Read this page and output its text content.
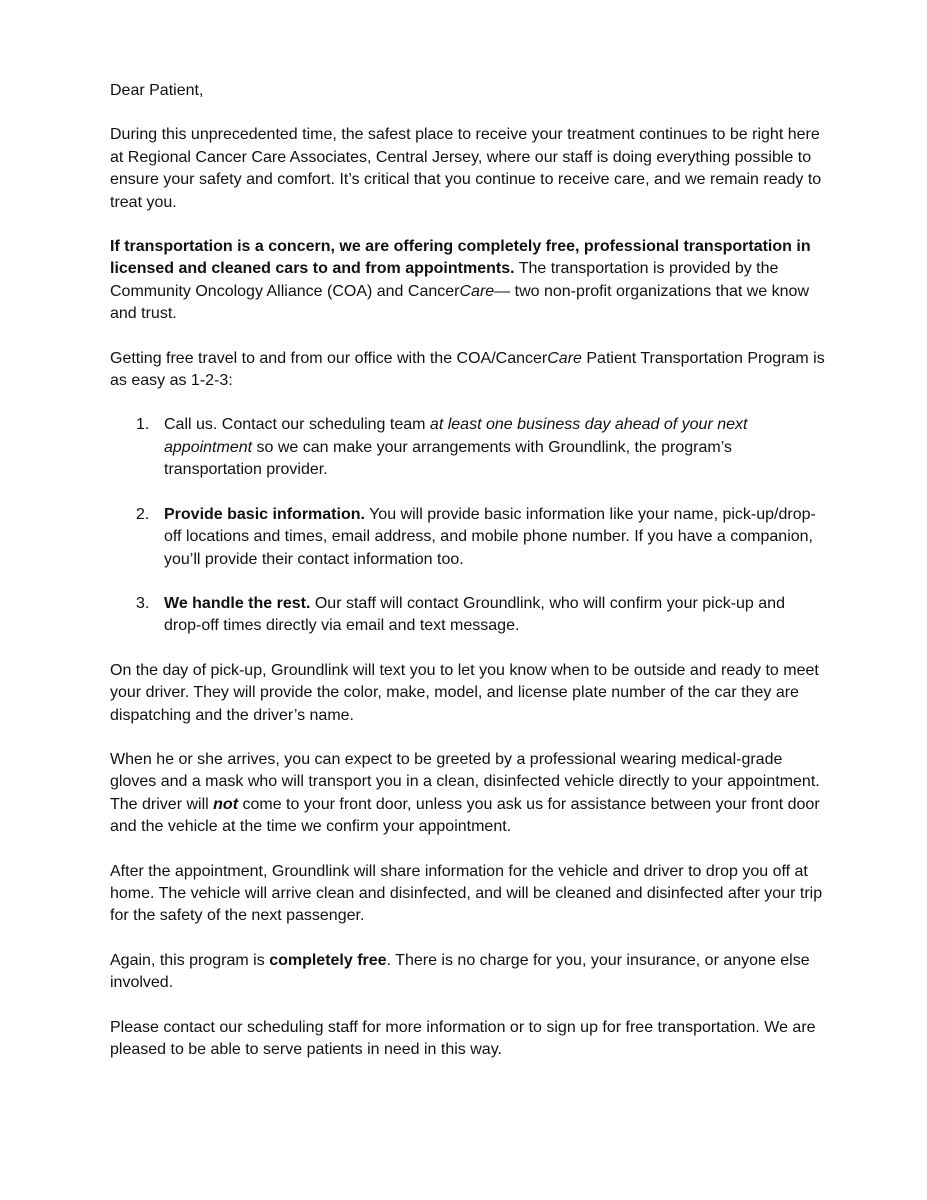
Dear Patient,

During this unprecedented time, the safest place to receive your treatment continues to be right here at Regional Cancer Care Associates, Central Jersey, where our staff is doing everything possible to ensure your safety and comfort. It’s critical that you continue to receive care, and we remain ready to treat you.

If transportation is a concern, we are offering completely free, professional transportation in licensed and cleaned cars to and from appointments. The transportation is provided by the Community Oncology Alliance (COA) and CancerCare— two non-profit organizations that we know and trust.

Getting free travel to and from our office with the COA/CancerCare Patient Transportation Program is as easy as 1-2-3:

1. Call us. Contact our scheduling team at least one business day ahead of your next appointment so we can make your arrangements with Groundlink, the program’s transportation provider.
2. Provide basic information. You will provide basic information like your name, pick-up/drop-off locations and times, email address, and mobile phone number. If you have a companion, you’ll provide their contact information too.
3. We handle the rest. Our staff will contact Groundlink, who will confirm your pick-up and drop-off times directly via email and text message.

On the day of pick-up, Groundlink will text you to let you know when to be outside and ready to meet your driver. They will provide the color, make, model, and license plate number of the car they are dispatching and the driver’s name.

When he or she arrives, you can expect to be greeted by a professional wearing medical-grade gloves and a mask who will transport you in a clean, disinfected vehicle directly to your appointment. The driver will not come to your front door, unless you ask us for assistance between your front door and the vehicle at the time we confirm your appointment.

After the appointment, Groundlink will share information for the vehicle and driver to drop you off at home. The vehicle will arrive clean and disinfected, and will be cleaned and disinfected after your trip for the safety of the next passenger.

Again, this program is completely free. There is no charge for you, your insurance, or anyone else involved.

Please contact our scheduling staff for more information or to sign up for free transportation. We are pleased to be able to serve patients in need in this way.
